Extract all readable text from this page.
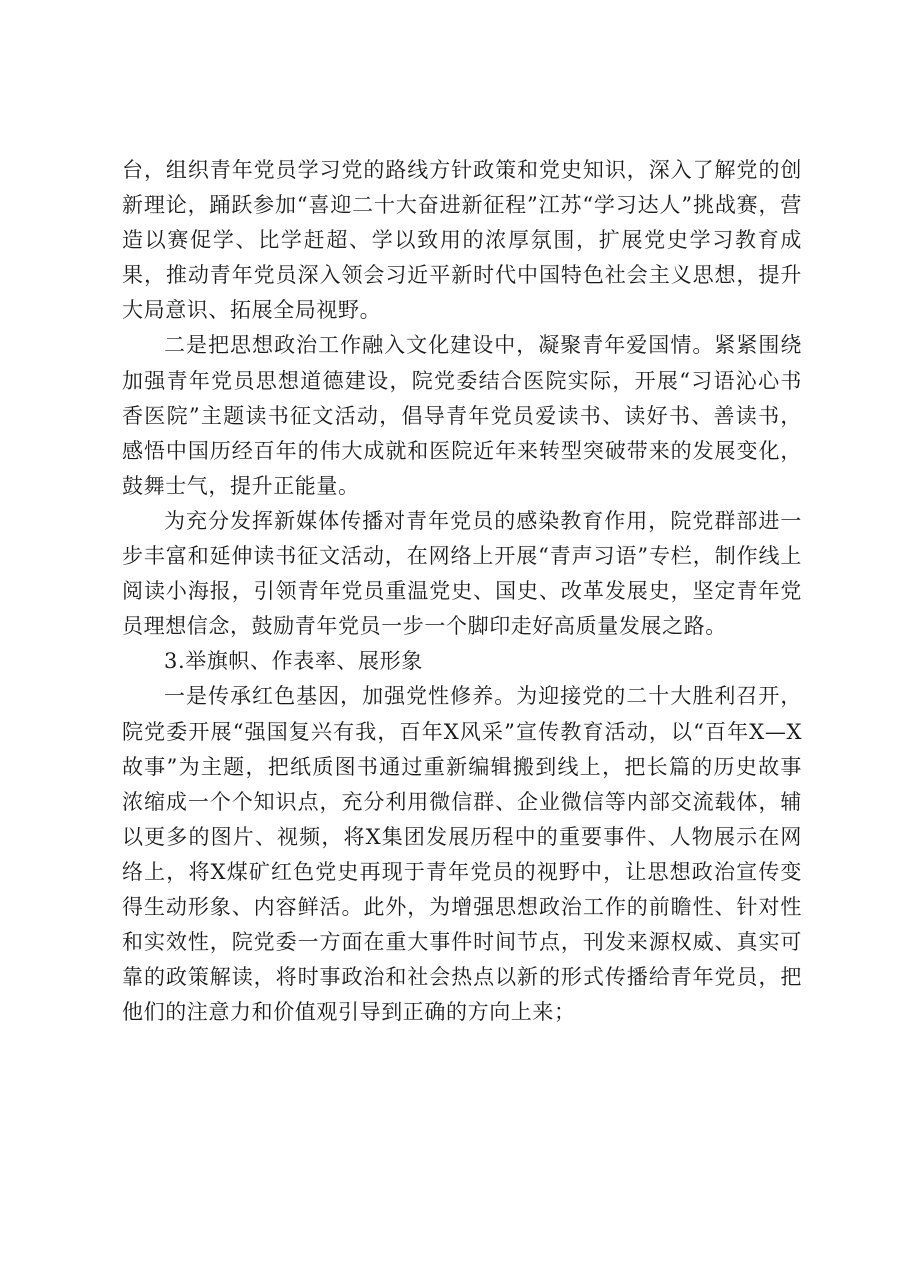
台，组织青年党员学习党的路线方针政策和党史知识，深入了解党的创新理论，踊跃参加“喜迎二十大奋进新征程”江苏“学习达人”挑战赛，营造以赛促学、比学赶超、学以致用的浓厚氛围，扩展党史学习教育成果，推动青年党员深入领会习近平新时代中国特色社会主义思想，提升大局意识、拓展全局视野。

二是把思想政治工作融入文化建设中，凝聚青年爱国情。紧紧围绕加强青年党员思想道德建设，院党委结合医院实际，开展“习语沁心书香医院”主题读书征文活动，倡导青年党员爱读书、读好书、善读书，感悟中国历经百年的伟大成就和医院近年来转型突破带来的发展变化，鼓舞士气，提升正能量。

为充分发挥新媒体传播对青年党员的感染教育作用，院党群部进一步丰富和延伸读书征文活动，在网络上开展“青声习语”专栏，制作线上阅读小海报，引领青年党员重温党史、国史、改革发展史，坚定青年党员理想信念，鼓励青年党员一步一个脚印走好高质量发展之路。

3.举旗帜、作表率、展形象

一是传承红色基因，加强党性修养。为迎接党的二十大胜利召开，院党委开展“强国复兴有我，百年X风采”宣传教育活动，以“百年X—X故事”为主题，把纸质图书通过重新编辑搬到线上，把长篇的历史故事浓缩成一个个知识点，充分利用微信群、企业微信等内部交流载体，辅以更多的图片、视频，将X集团发展历程中的重要事件、人物展示在网络上，将X煤矿红色党史再现于青年党员的视野中，让思想政治宣传变得生动形象、内容鲜活。此外，为增强思想政治工作的前瞻性、针对性和实效性，院党委一方面在重大事件时间节点，刊发来源权威、真实可靠的政策解读，将时事政治和社会热点以新的形式传播给青年党员，把他们的注意力和价值观引导到正确的方向上来；
